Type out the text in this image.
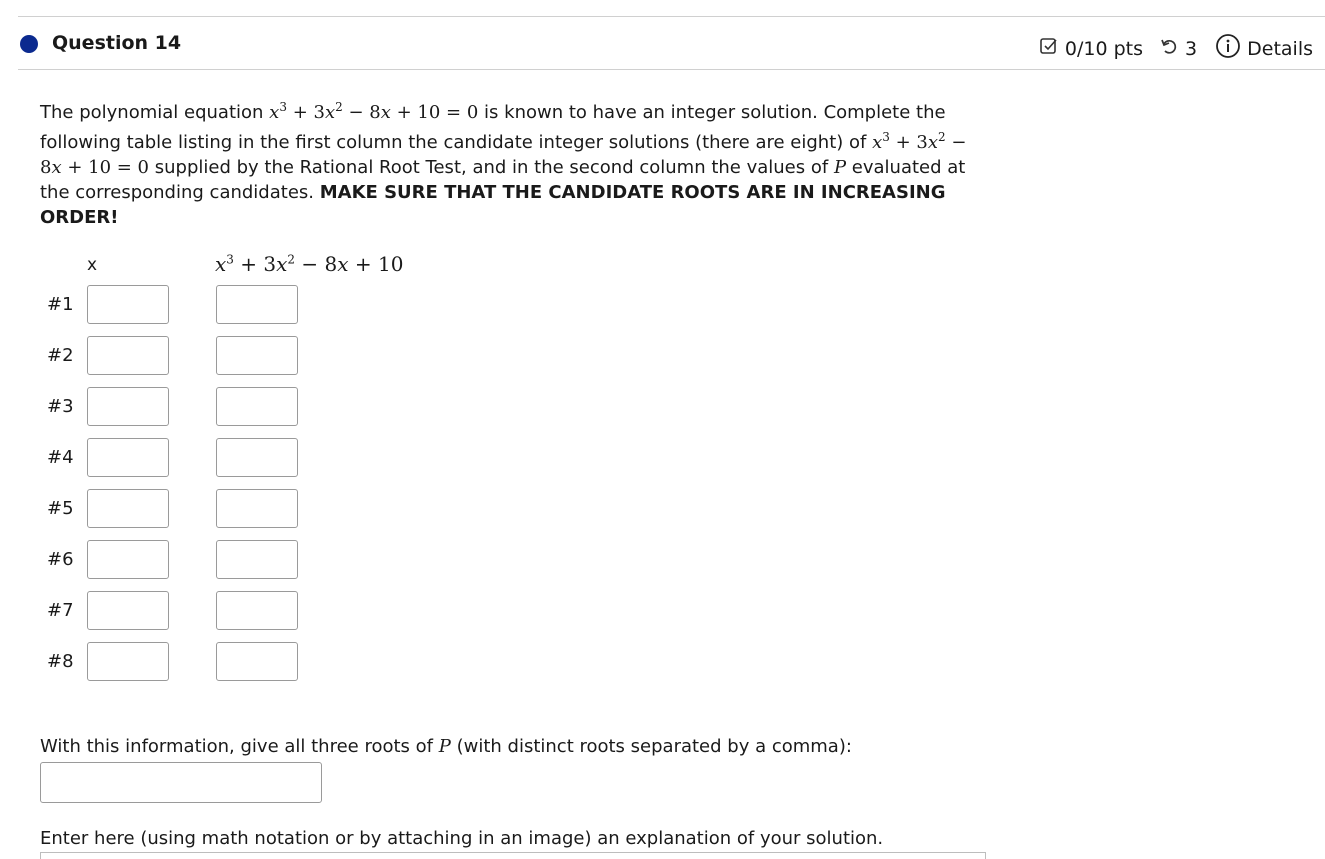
Question 14	0/10 pts 3	Details
The polynomial equation $x^3 + 3x^2 - 8x + 10 = 0$ is known to have an integer solution. Complete the following table listing in the first column the candidate integer solutions (there are eight) of $x^3 + 3x^2 - 8x + 10 = 0$ supplied by the Rational Root Test, and in the second column the values of P evaluated at the corresponding candidates. MAKE SURE THAT THE CANDIDATE ROOTS ARE IN INCREASING ORDER!
x	$x^3 + 3x^2 - 8x + 10$
#1
#2
#3
#4
#5
#6
#7
#8
With this information, give all three roots of P (with distinct roots separated by a comma):
Enter here (using math notation or by attaching in an image) an explanation of your solution.
